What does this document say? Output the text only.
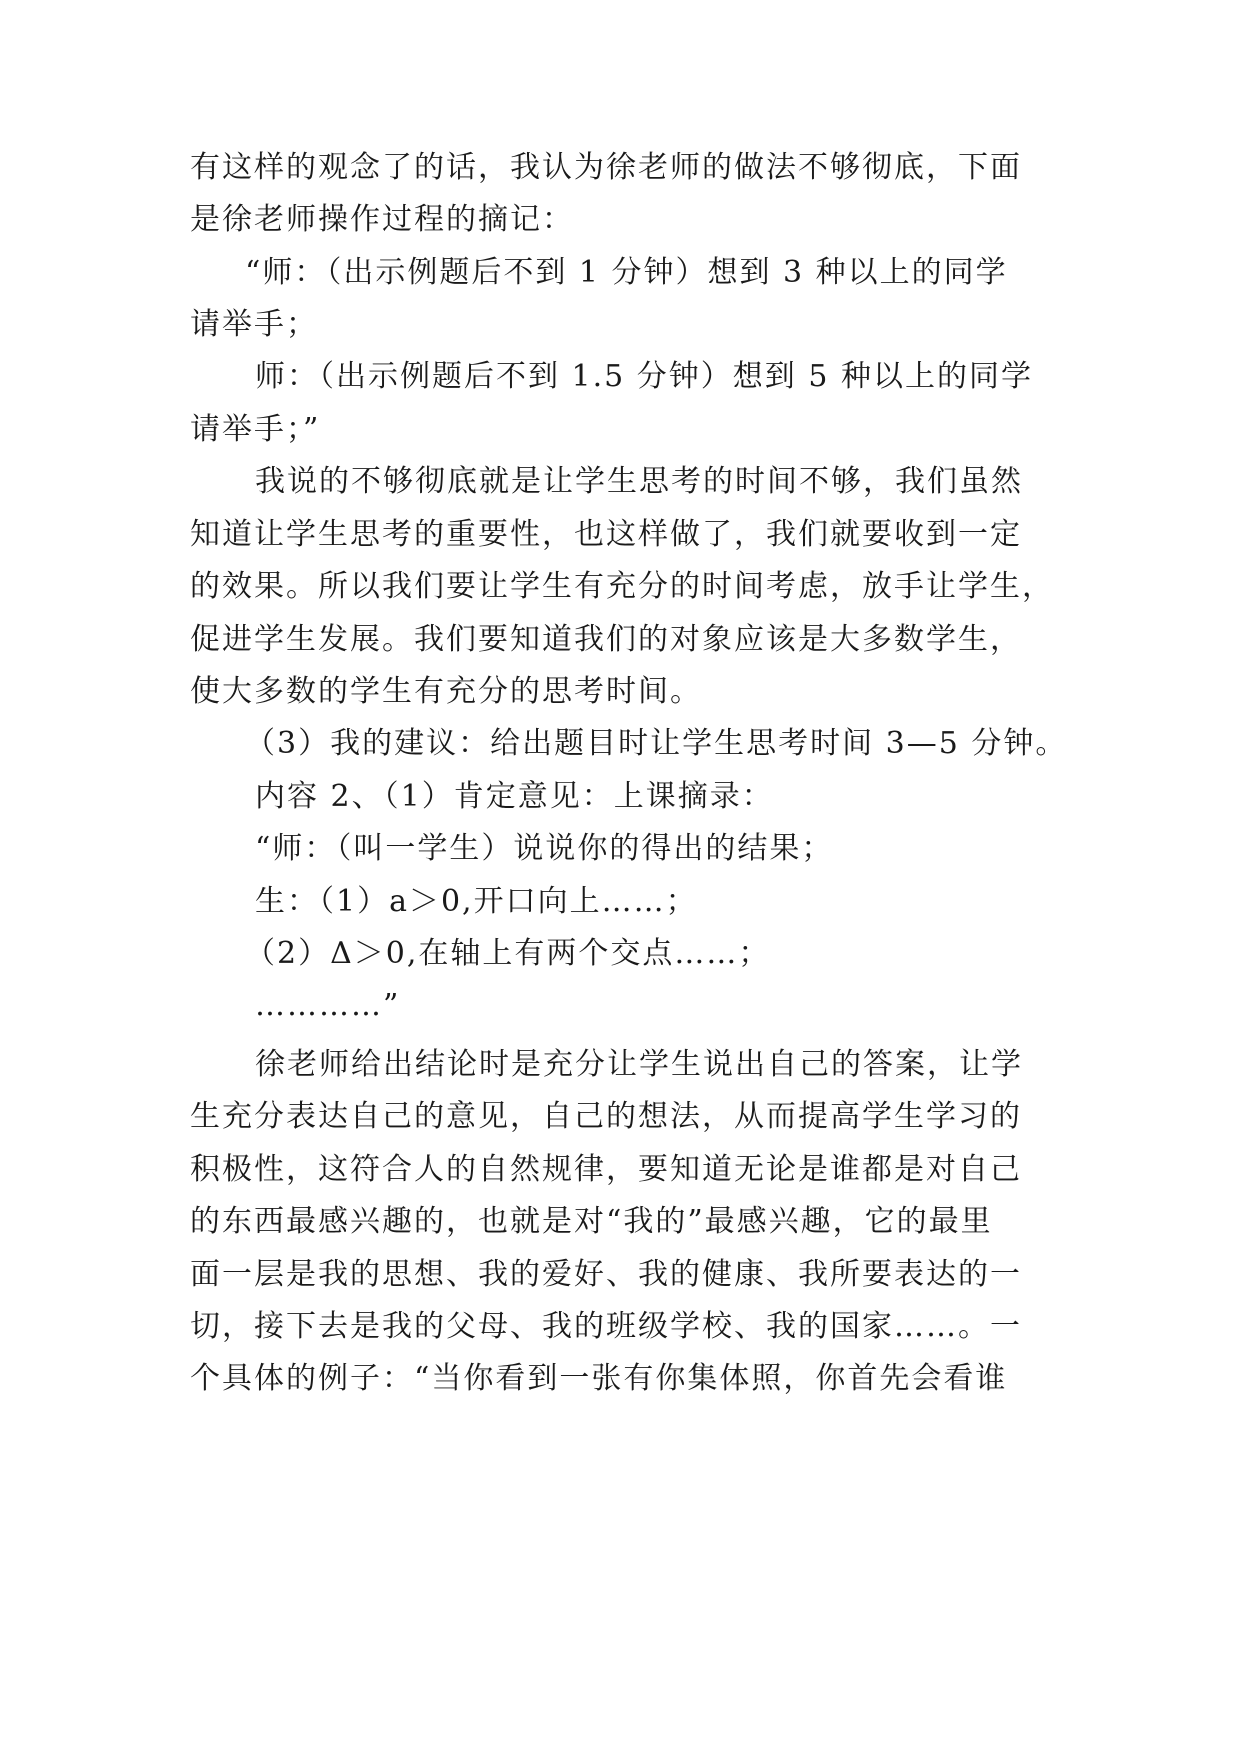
有这样的观念了的话，我认为徐老师的做法不够彻底，下面
是徐老师操作过程的摘记：
“师：（出示例题后不到 1 分钟）想到 3 种以上的同学
请举手；
师：（出示例题后不到 1.5 分钟）想到 5 种以上的同学
请举手；”
我说的不够彻底就是让学生思考的时间不够，我们虽然
知道让学生思考的重要性，也这样做了，我们就要收到一定
的效果。所以我们要让学生有充分的时间考虑，放手让学生，
促进学生发展。我们要知道我们的对象应该是大多数学生，
使大多数的学生有充分的思考时间。
（3）我的建议：给出题目时让学生思考时间 3—5 分钟。
内容 2、（1）肯定意见：上课摘录：
“师：（叫一学生）说说你的得出的结果；
生：（1）a＞0,开口向上……；
（2）Δ＞0,在轴上有两个交点……；
…………”
徐老师给出结论时是充分让学生说出自己的答案，让学
生充分表达自己的意见，自己的想法，从而提高学生学习的
积极性，这符合人的自然规律，要知道无论是谁都是对自己
的东西最感兴趣的，也就是对“我的”最感兴趣，它的最里
面一层是我的思想、我的爱好、我的健康、我所要表达的一
切，接下去是我的父母、我的班级学校、我的国家……。一
个具体的例子：“当你看到一张有你集体照，你首先会看谁
